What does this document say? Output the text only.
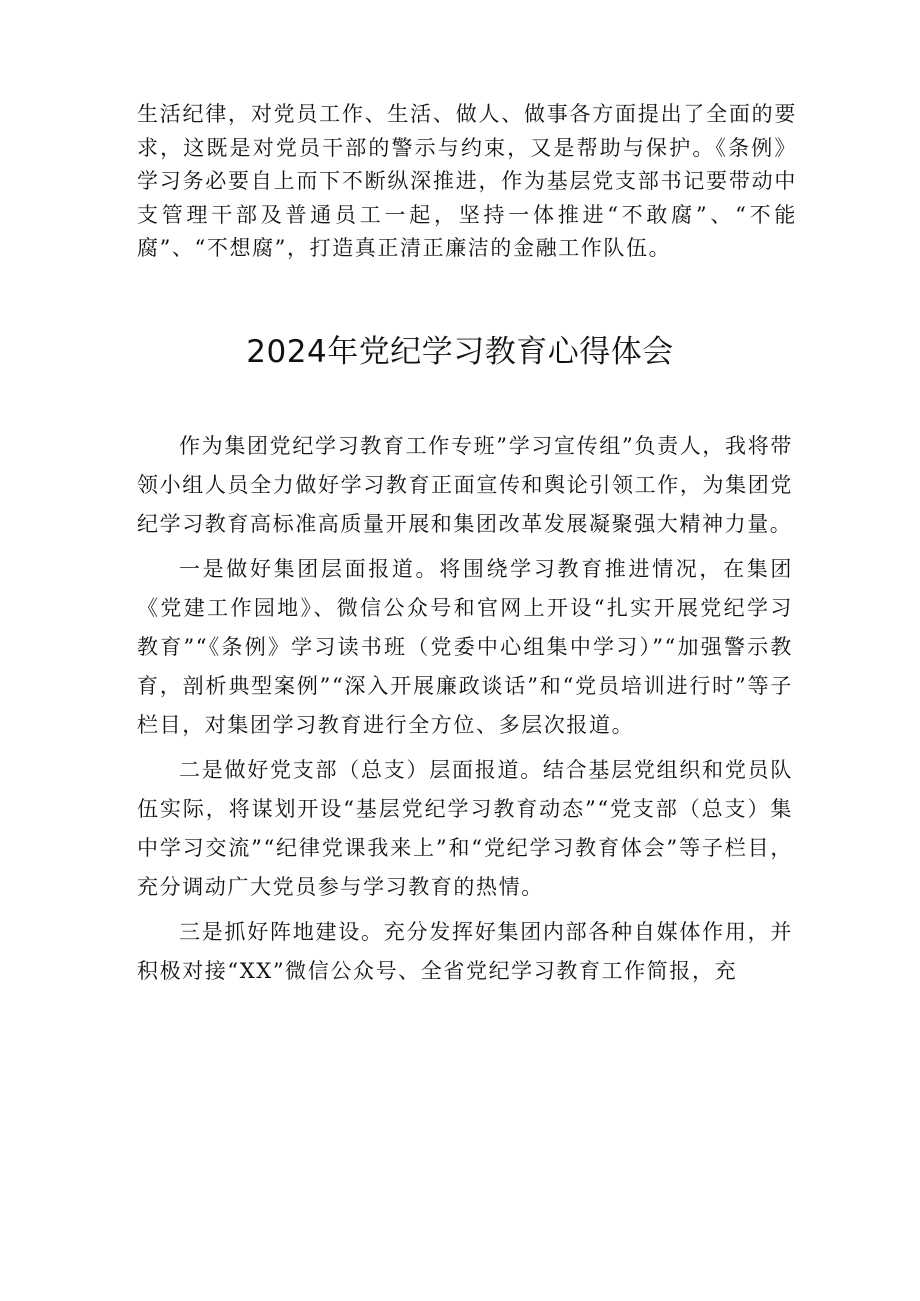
生活纪律，对党员工作、生活、做人、做事各方面提出了全面的要求，这既是对党员干部的警示与约束，又是帮助与保护。《条例》学习务必要自上而下不断纵深推进，作为基层党支部书记要带动中支管理干部及普通员工一起，坚持一体推进“不敢腐”、“不能腐”、“不想腐”，打造真正清正廉洁的金融工作队伍。

2024年党纪学习教育心得体会

作为集团党纪学习教育工作专班”学习宣传组”负责人，我将带领小组人员全力做好学习教育正面宣传和舆论引领工作，为集团党纪学习教育高标准高质量开展和集团改革发展凝聚强大精神力量。

一是做好集团层面报道。将围绕学习教育推进情况，在集团《党建工作园地》、微信公众号和官网上开设“扎实开展党纪学习教育”“《条例》学习读书班（党委中心组集中学习）”“加强警示教育，剖析典型案例”“深入开展廉政谈话”和“党员培训进行时”等子栏目，对集团学习教育进行全方位、多层次报道。

二是做好党支部（总支）层面报道。结合基层党组织和党员队伍实际，将谋划开设“基层党纪学习教育动态”“党支部（总支）集中学习交流”“纪律党课我来上”和“党纪学习教育体会”等子栏目，充分调动广大党员参与学习教育的热情。

三是抓好阵地建设。充分发挥好集团内部各种自媒体作用，并积极对接“XX”微信公众号、全省党纪学习教育工作简报，充
